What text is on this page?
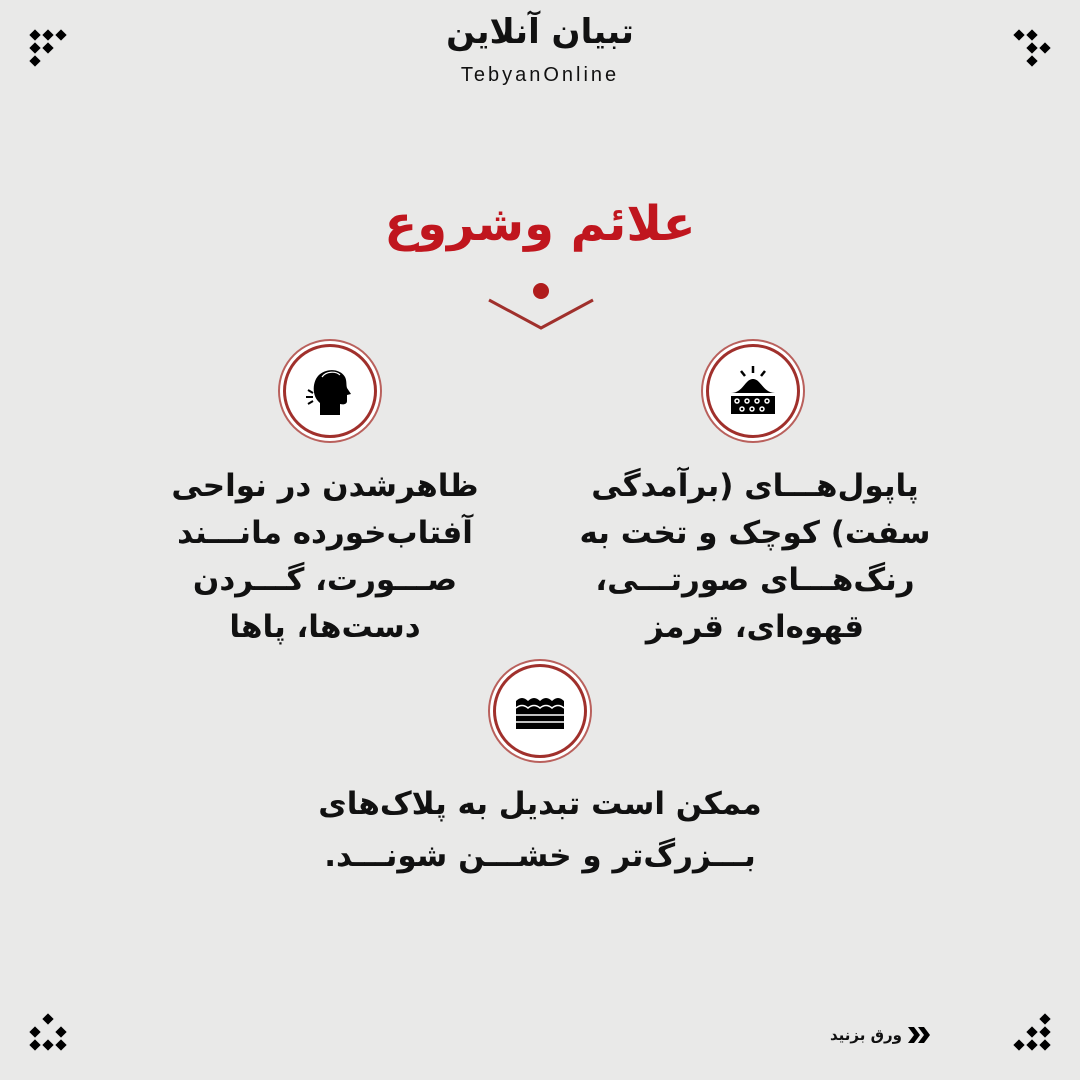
تبیان آنلاین
TebyanOnline
علائم وشروع
پاپول‌هـــای (برآمدگی
سفت) کوچک و تخت به
رنگ‌هـــای صورتـــی،
قهوه‌ای، قرمز
ظاهرشدن در نواحی
آفتاب‌خورده مانـــند
صـــورت، گـــردن
دست‌ها، پاها
ممکن است تبدیل به پلاک‌های
بـــزرگ‌تر و خشـــن شونـــد.
ورق بزنید
